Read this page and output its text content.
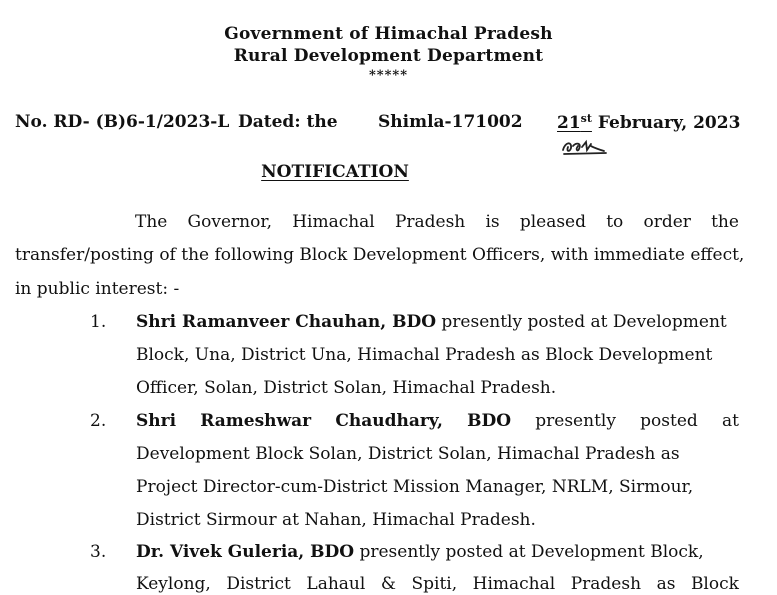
Government of Himachal Pradesh
Rural Development Department
*****
No. RD- (B)6-1/2023-L Dated: the Shimla-171002 21st February, 2023
NOTIFICATION
The Governor, Himachal Pradesh is pleased to order the
transfer/posting of the following Block Development Officers, with immediate effect,
in public interest: -
1. Shri Ramanveer Chauhan, BDO presently posted at Development
Block, Una, District Una, Himachal Pradesh as Block Development
Officer, Solan, District Solan, Himachal Pradesh.
2. Shri Rameshwar Chaudhary, BDO presently posted at
Development Block Solan, District Solan, Himachal Pradesh as
Project Director-cum-District Mission Manager, NRLM, Sirmour,
District Sirmour at Nahan, Himachal Pradesh.
3. Dr. Vivek Guleria, BDO presently posted at Development Block,
Keylong, District Lahaul & Spiti, Himachal Pradesh as Block
